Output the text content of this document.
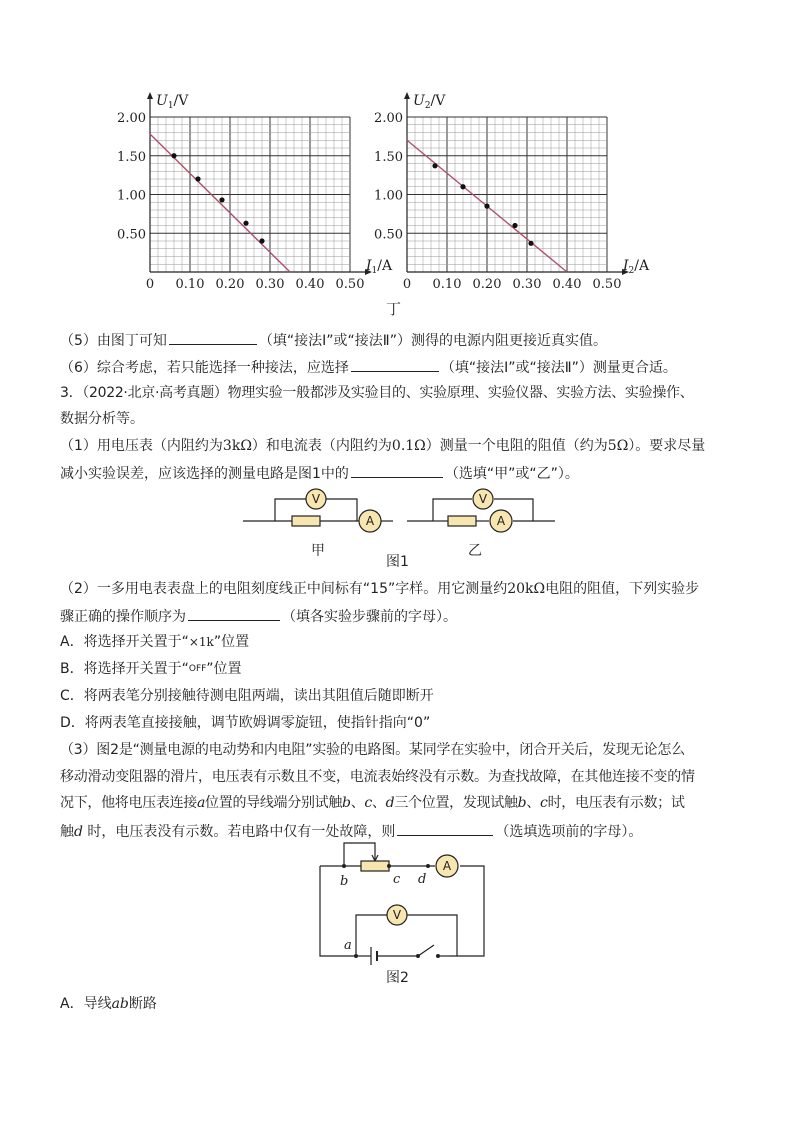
2.00
1.50
1.00
0.50
0 0.10 0.20 0.30 0.40 0.50
$U_1/V$
$I_1/A$
2.00
1.50
1.00
0.50
0 0.10 0.20 0.30 0.40 0.50
$U_2/V$
$I_2/A$
丁
（5）由图丁可知	（填“接法Ⅰ”或“接法Ⅱ”）测得的电源内阻更接近真实值。
（6）综合考虑，若只能选择一种接法，应选择	（填“接法Ⅰ”或“接法Ⅱ”）测量更合适。
3．（2022·北京·高考真题）物理实验一般都涉及实验目的、实验原理、实验仪器、实验方法、实验操作、
数据分析等。
（1）用电压表（内阻约为3kΩ）和电流表（内阻约为0.1Ω）测量一个电阻的阻值（约为5Ω）。要求尽量
减小实验误差，应该选择的测量电路是图1中的	（选填“甲”或“乙”）。
V
A
V
A
甲	乙
图1
（2）一多用电表表盘上的电阻刻度线正中间标有“15”字样。用它测量约20kΩ电阻的阻值，下列实验步
骤正确的操作顺序为	（填各实验步骤前的字母）。
A．将选择开关置于“×1k”位置
B．将选择开关置于“$^{OFF}$”位置
C．将两表笔分别接触待测电阻两端，读出其阻值后随即断开
D．将两表笔直接接触，调节欧姆调零旋钮，使指针指向“0”
（3）图2是“测量电源的电动势和内电阻”实验的电路图。某同学在实验中，闭合开关后，发现无论怎么
移动滑动变阻器的滑片，电压表有示数且不变，电流表始终没有示数。为查找故障，在其他连接不变的情
况下，他将电压表连接a位置的导线端分别试触b、c、d三个位置，发现试触b、c时，电压表有示数；试
触d 时，电压表没有示数。若电路中仅有一处故障，则	（选填选项前的字母）。
b	c d
a
A
V
图2
A．导线ab断路
